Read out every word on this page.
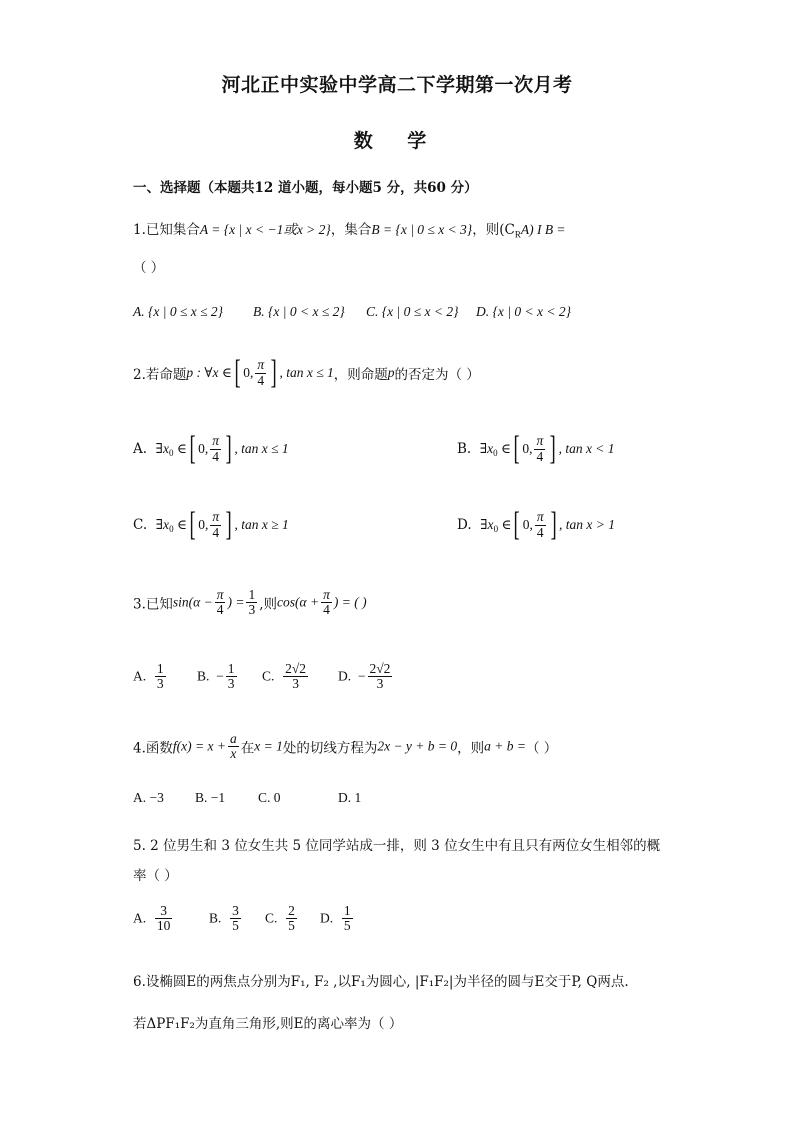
河北正中实验中学高二下学期第一次月考
数 学
一、选择题（本题共12 道小题，每小题5 分，共60 分）
1.已知集合A = {x | x < −1或x > 2}，集合B = {x | 0 ≤ x < 3}，则$(C_RA)$ I B =
（ ）
A. {x | 0 ≤ x ≤ 2} B. {x | 0 < x ≤ 2} C. {x | 0 ≤ x < 2} D. {x | 0 < x < 2}
2.若命题p : ∀x ∈[ 0, $\frac{\pi}{4}$ ] , tan x ≤ 1，则命题p的否定为（ ）
A. $\exists x_0$ ∈[ 0, $\frac{\pi}{4}$ ] , tan x ≤ 1	B. $\exists x_0$ ∈[ 0, $\frac{\pi}{4}$ ] , tan x < 1
C. $\exists x_0$ ∈[ 0, $\frac{\pi}{4}$ ] , tan x ≥ 1	D. $\exists x_0$ ∈[ 0, $\frac{\pi}{4}$ ] , tan x > 1
3.已知$\sin(\alpha - \frac{\pi}{4}$ ) = $\frac{1}{3}$ ,则$\cos(\alpha + \frac{\pi}{4}$ ) = ( )
A. $\frac{1}{3} B$. − $\frac{1}{3} C$. $\frac{2√2}{3} D$. − $\frac{2√2}{3}$
4.函数$f(x) = x + \frac{a}{x}$ 在x = 1处的切线方程为2x − y + b = 0，则a + b =（ ）
A. −3 B. −1 C. 0	D. 1
5. 2 位男生和 3 位女生共 5 位同学站成一排，则 3 位女生中有且只有两位女生相邻的概
率（ ）
A. $\frac{3}{10}$	B. $\frac{3}{5} C$. $\frac{2}{5} D$. $\frac{1}{5}$
6.设椭圆E的两焦点分别为F₁, F₂ ,以F₁为圆心, |F₁F₂|为半径的圆与E交于P, Q两点.
若ΔPF₁F₂为直角三角形,则E的离心率为（ ）
